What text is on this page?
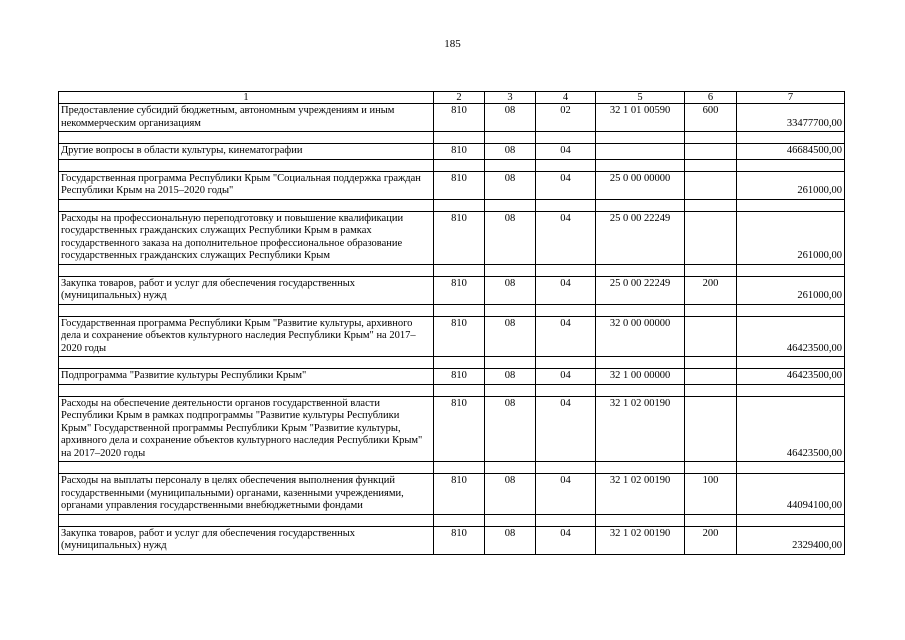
185
1	2	3	4	5	6	7
Предоставление субсидий бюджетным, автономным учреждениям и иным некоммерческим организациям	810	08	02	32 1 01 00590	600	33477700,00

Другие вопросы в области культуры, кинематографии	810	08	04			46684500,00

Государственная программа Республики Крым "Социальная поддержка граждан Республики Крым на 2015–2020 годы"	810	08	04	25 0 00 00000		261000,00

Расходы на профессиональную переподготовку и повышение квалификации государственных гражданских служащих Республики Крым в рамках государственного заказа на дополнительное профессиональное образование государственных гражданских служащих Республики Крым	810	08	04	25 0 00 22249		261000,00

Закупка товаров, работ и услуг для обеспечения государственных (муниципальных) нужд	810	08	04	25 0 00 22249	200	261000,00

Государственная программа Республики Крым "Развитие культуры, архивного дела и сохранение объектов культурного наследия Республики Крым" на 2017–2020 годы	810	08	04	32 0 00 00000		46423500,00

Подпрограмма "Развитие культуры Республики Крым"	810	08	04	32 1 00 00000		46423500,00

Расходы на обеспечение деятельности органов государственной власти Республики Крым в рамках подпрограммы "Развитие культуры Республики Крым" Государственной программы Республики Крым "Развитие культуры, архивного дела и сохранение объектов культурного наследия Республики Крым" на 2017–2020 годы	810	08	04	32 1 02 00190		46423500,00

Расходы на выплаты персоналу в целях обеспечения выполнения функций государственными (муниципальными) органами, казенными учреждениями, органами управления государственными внебюджетными фондами	810	08	04	32 1 02 00190	100	44094100,00

Закупка товаров, работ и услуг для обеспечения государственных (муниципальных) нужд	810	08	04	32 1 02 00190	200	2329400,00
